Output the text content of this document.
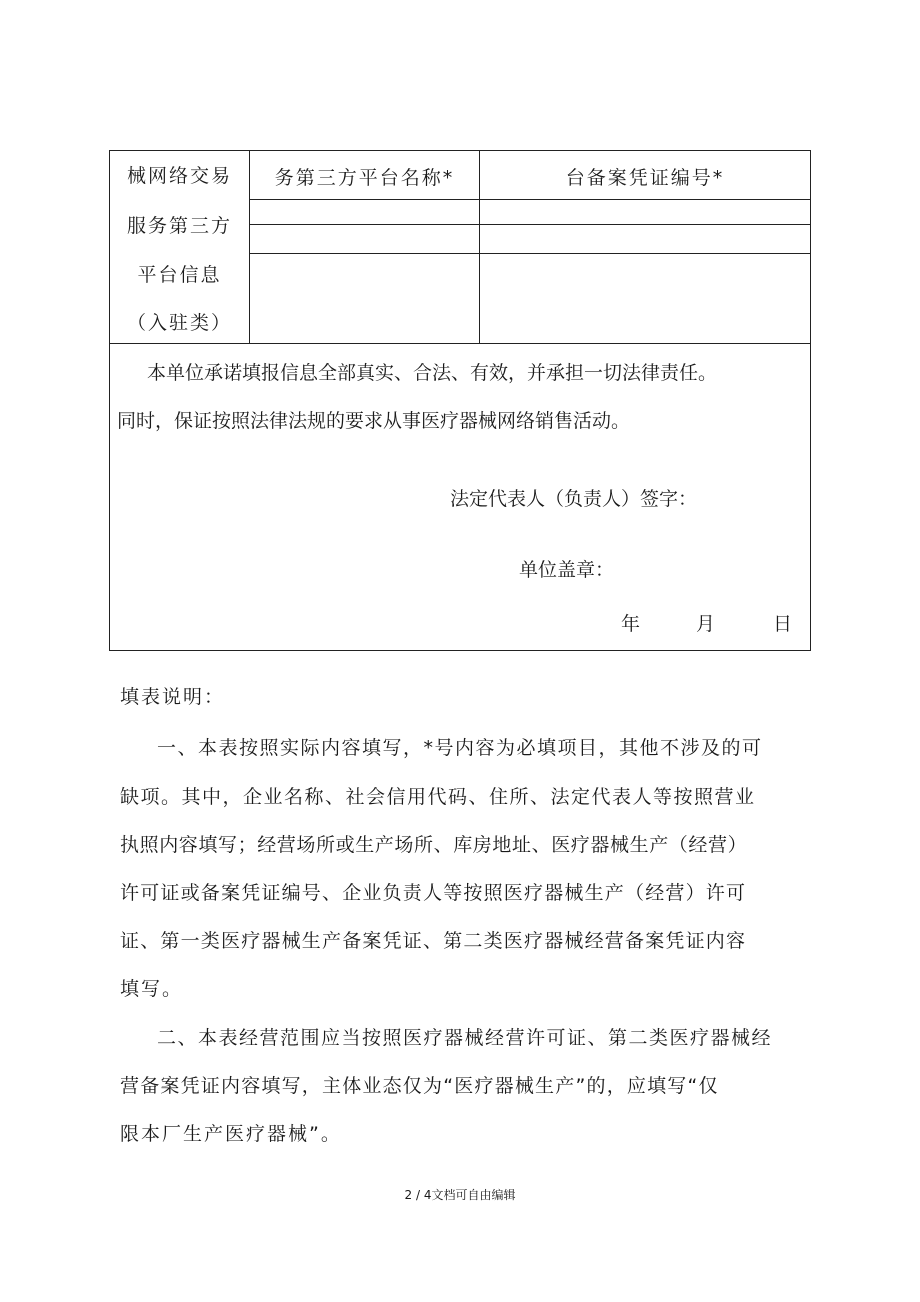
械网络交易
服务第三方
平台信息
（入驻类）
务第三方平台名称*	台备案凭证编号*
本单位承诺填报信息全部真实、合法、有效，并承担一切法律责任。
同时，保证按照法律法规的要求从事医疗器械网络销售活动。
法定代表人（负责人）签字：
单位盖章：
年	月	日
填表说明：
一、本表按照实际内容填写，*号内容为必填项目，其他不涉及的可
缺项。其中，企业名称、社会信用代码、住所、法定代表人等按照营业
执照内容填写；经营场所或生产场所、库房地址、医疗器械生产（经营）
许可证或备案凭证编号、企业负责人等按照医疗器械生产（经营）许可
证、第一类医疗器械生产备案凭证、第二类医疗器械经营备案凭证内容
填写。
二、本表经营范围应当按照医疗器械经营许可证、第二类医疗器械经
营备案凭证内容填写，主体业态仅为“医疗器械生产”的，应填写“仅
限本厂生产医疗器械”。
2 / 4文档可自由编辑
